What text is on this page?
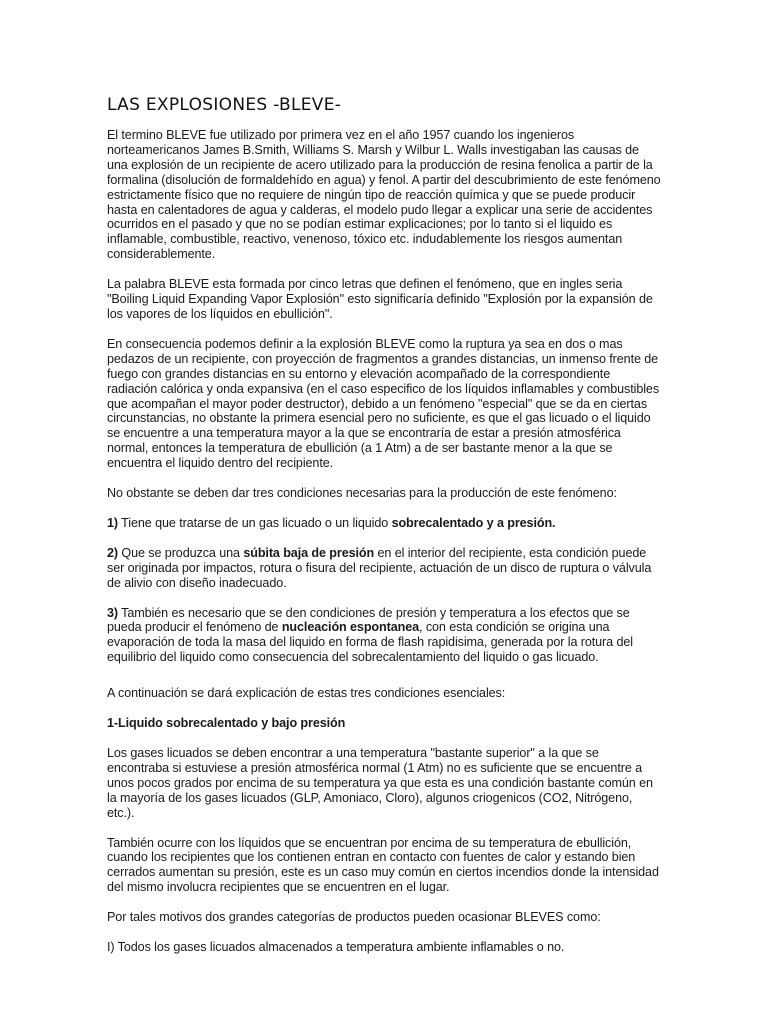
LAS EXPLOSIONES -BLEVE-

El termino BLEVE fue utilizado por primera vez en el año 1957 cuando los ingenieros norteamericanos James B.Smith, Williams S. Marsh y Wilbur L. Walls investigaban las causas de una explosión de un recipiente de acero utilizado para la producción de resina fenolica a partir de la formalina (disolución de formaldehído en agua) y fenol. A partir del descubrimiento de este fenómeno estrictamente físico que no requiere de ningún tipo de reacción química y que se puede producir hasta en calentadores de agua y calderas, el modelo pudo llegar a explicar una serie de accidentes ocurridos en el pasado y que no se podían estimar explicaciones; por lo tanto si el liquido es inflamable, combustible, reactivo, venenoso, tóxico etc. indudablemente los riesgos aumentan considerablemente.

La palabra BLEVE esta formada por cinco letras que definen el fenómeno, que en ingles seria "Boiling Liquid Expanding Vapor Explosión" esto significaría definido "Explosión por la expansión de los vapores de los líquidos en ebullición".

En consecuencia podemos definir a la explosión BLEVE como la ruptura ya sea en dos o mas pedazos de un recipiente, con proyección de fragmentos a grandes distancias, un inmenso frente de fuego con grandes distancias en su entorno y elevación acompañado de la correspondiente radiación calórica y onda expansiva (en el caso especifico de los líquidos inflamables y combustibles que acompañan el mayor poder destructor), debido a un fenómeno "especial" que se da en ciertas circunstancias, no obstante la primera esencial pero no suficiente, es que el gas licuado o el liquido se encuentre a una temperatura mayor a la que se encontraría de estar a presión atmosférica normal, entonces la temperatura de ebullición (a 1 Atm) a de ser bastante menor a la que se encuentra el liquido dentro del recipiente.

No obstante se deben dar tres condiciones necesarias para la producción de este fenómeno:

1) Tiene que tratarse de un gas licuado o un liquido sobrecalentado y a presión.

2) Que se produzca una súbita baja de presión en el interior del recipiente, esta condición puede ser originada por impactos, rotura o fisura del recipiente, actuación de un disco de ruptura o válvula de alivio con diseño inadecuado.

3) También es necesario que se den condiciones de presión y temperatura a los efectos que se pueda producir el fenómeno de nucleación espontanea, con esta condición se origina una evaporación de toda la masa del liquido en forma de flash rapidisima, generada por la rotura del equilibrio del liquido como consecuencia del sobrecalentamiento del liquido o gas licuado.

A continuación se dará explicación de estas tres condiciones esenciales:

1-Liquido sobrecalentado y bajo presión

Los gases licuados se deben encontrar a una temperatura "bastante superior" a la que se encontraba si estuviese a presión atmosférica normal (1 Atm) no es suficiente que se encuentre a unos pocos grados por encima de su temperatura ya que esta es una condición bastante común en la mayoría de los gases licuados (GLP, Amoniaco, Cloro), algunos criogenicos (CO2, Nitrógeno, etc.).

También ocurre con los líquidos que se encuentran por encima de su temperatura de ebullición, cuando los recipientes que los contienen entran en contacto con fuentes de calor y estando bien cerrados aumentan su presión, este es un caso muy común en ciertos incendios donde la intensidad del mismo involucra recipientes que se encuentren en el lugar.

Por tales motivos dos grandes categorías de productos pueden ocasionar BLEVES como:

I) Todos los gases licuados almacenados a temperatura ambiente inflamables o no.
